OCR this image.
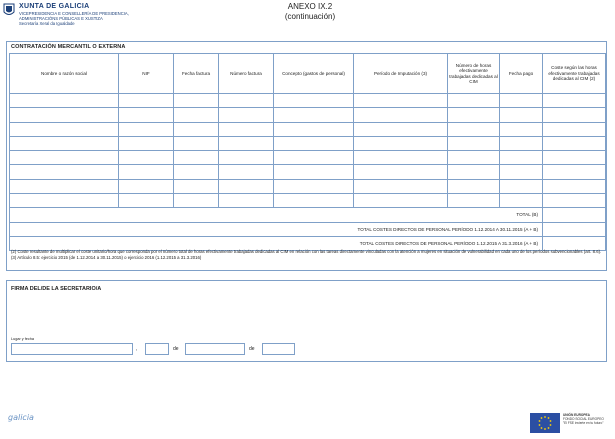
XUNTA DE GALICIA
VICEPRESIDENCIA E CONSELLERÍA DE PRESIDENCIA,
ADMINISTRACIÓNS PÚBLICAS E XUSTIZA
Secretaría Xeral da Igualdade
ANEXO IX.2
(continuación)
CONTRATACIÓN MERCANTIL O EXTERNA
Nombre o razón social	NIF	Fecha factura	Número factura	Concepto (gastos de personal)	Período de Imputación (3)	Número de horas efectivamente trabajadas dedicadas al CIM	Fecha pago	Coste según las horas efectivamente trabajadas dedicadas al CIM (2)

TOTAL (B)								
TOTAL COSTES DIRECTOS DE PERSONAL PERÍODO 1.12.2014 A 30.11.2015 (A + B)								
TOTAL COSTES DIRECTOS DE PERSONAL PERÍODO 1.12.2015 A 31.3.2016 (A + B)								
(2) Coste resultante de multiplicar el coste unitario/hora que corresponda por el número total de horas efectivamente trabajadas dedicadas al CIM en relación con las tareas directamente vinculadas con la atención a mujeres en situación de vulnerabilidad en cada uno de los períodos subvencionables (art. 8.6).
(3) Artículo 8.5: ejercicio 2015 (de 1.12.2014 a 30.11.2015) o ejercicio 2016 (1.12.2015 a 31.3.2016)
FIRMA DEL/DE LA SECRETARIO/A
Lugar y fecha
,	de	de
galicia	UNIÓN EUROPEA
FONDO SOCIAL EUROPEO
"El FSE invierte en tu futuro"
